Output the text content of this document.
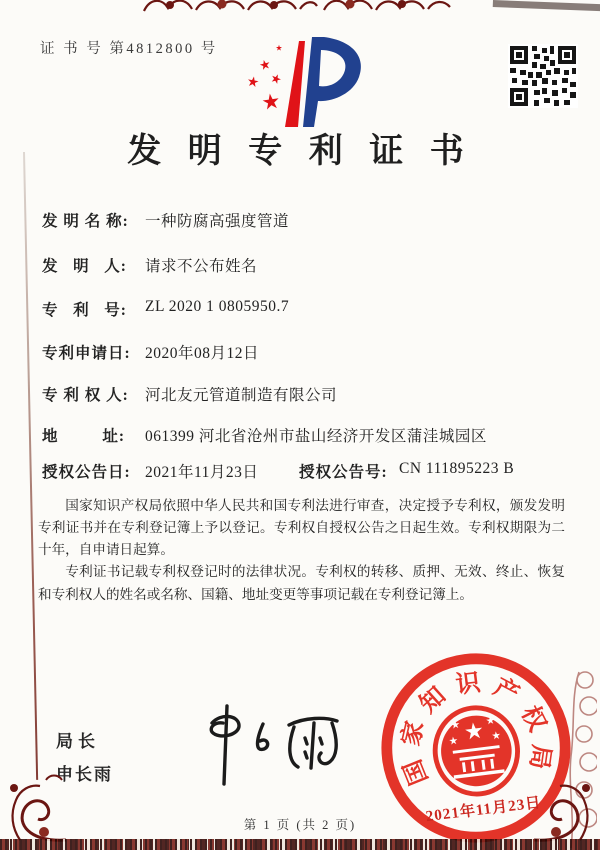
证 书 号 第4812800 号
发 明 专 利 证 书
发 明 名 称: 一种防腐高强度管道
发   明   人: 请求不公布姓名
专   利   号: ZL 2020 1 0805950.7
专利申请日: 2020年08月12日
专 利 权 人: 河北友元管道制造有限公司
地         址: 061399 河北省沧州市盐山经济开发区蒲洼城园区
授权公告日: 2021年11月23日	授权公告号: CN 111895223 B

国家知识产权局依照中华人民共和国专利法进行审查，决定授予专利权，颁发发明专利证书并在专利登记簿上予以登记。专利权自授权公告之日起生效。专利权期限为二十年，自申请日起算。

专利证书记载专利权登记时的法律状况。专利权的转移、质押、无效、终止、恢复和专利权人的姓名或名称、国籍、地址变更等事项记载在专利登记簿上。

局长
申长雨	国
家
知 识 产
权
局
2021年11月23日
第 1 页 (共 2 页)
